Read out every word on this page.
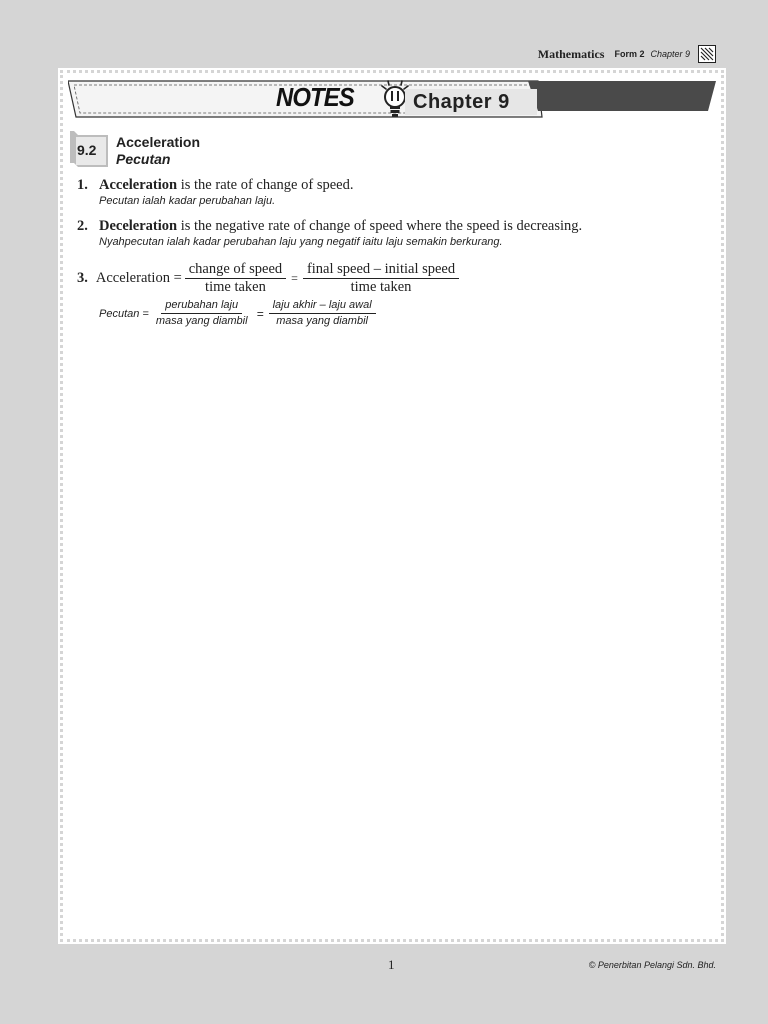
Mathematics Form 2 Chapter 9
NOTES	Chapter 9
9.2 Acceleration
Pecutan
1. Acceleration is the rate of change of speed.
Pecutan ialah kadar perubahan laju.
2. Deceleration is the negative rate of change of speed where the speed is decreasing.
Nyahpecutan ialah kadar perubahan laju yang negatif iaitu laju semakin berkurang.
3. Acceleration = $\frac{\text{change of speed}}{\text{time taken}} = \frac{\text{final speed – initial speed}}{\text{time taken}}$
Pecutan = $\frac{\text{perubahan laju}}{\text{masa yang diambil}} = \frac{\text{laju akhir – laju awal}}{\text{masa yang diambil}}$
1	© Penerbitan Pelangi Sdn. Bhd.
